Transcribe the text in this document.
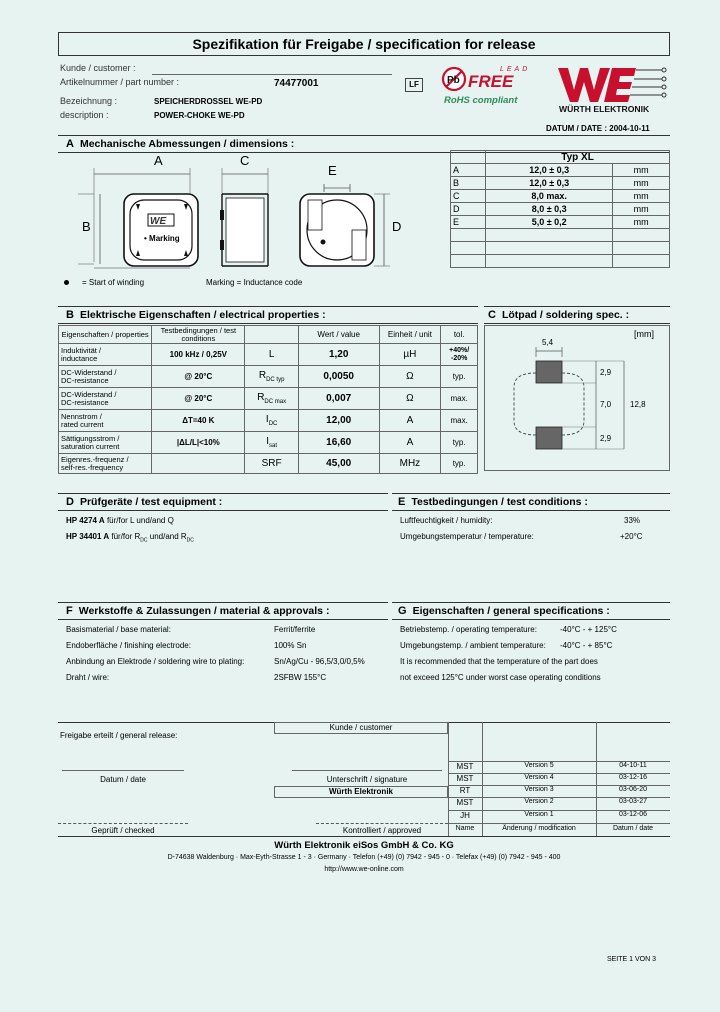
Spezifikation für Freigabe / specification for release
Kunde / customer :
Artikelnummer / part number :	74477001
Bezeichnung :	SPEICHERDROSSEL WE-PD
description :	POWER-CHOKE WE-PD
LF	Pb
LEAD
FREE
RoHS compliant
WÜRTH ELEKTRONIK
DATUM / DATE : 2004-10-11
A Mechanische Abmessungen / dimensions :
A
B	WE
• Marking
C
E
D
= Start of winding	Marking = Inductance code
	Typ XL	
A	12,0 ± 0,3	mm
B	12,0 ± 0,3	mm
C	8,0 max.	mm
D	8,0 ± 0,3	mm
E	5,0 ± 0,2	mm

B Elektrische Eigenschaften / electrical properties :
Eigenschaften / properties	Testbedingungen / test conditions		Wert / value	Einheit / unit	tol.

Induktivität /
inductance	100 kHz / 0,25V	L	1,20	µH	+40%/ -20%

DC-Widerstand /
DC-resistance	@ 20°C	$R_{DC typ}$	0,0050	Ω	typ.

DC-Widerstand /
DC-resistance	@ 20°C	$R_{DC max}$	0,007	Ω	max.

Nennstrom /
rated current	ΔT=40 K	$I_{DC}$	12,00	A	max.

Sättigungsstrom /
saturation current	|ΔL/L|<10%	$I_{sat}$	16,60	A	typ.

Eigenres.-frequenz /
self-res.-frequency		SRF	45,00	MHz	typ.
C Lötpad / soldering spec. :
[mm]
5,4
2,9
7,0 12,8
2,9
D Prüfgeräte / test equipment :
HP 4274 A für/for L und/and Q
HP 34401 A für/for $R_{DC}$ und/and $R_{DC}$
E Testbedingungen / test conditions :
Luftfeuchtigkeit / humidity:	33%
Umgebungstemperatur / temperature:	+20°C
F Werkstoffe & Zulassungen / material & approvals :
Basismaterial / base material:	Ferrit/ferrite
Endoberfläche / finishing electrode:	100% Sn
Anbindung an Elektrode / soldering wire to plating:	Sn/Ag/Cu - 96,5/3,0/0,5%
Draht / wire:	2SFBW 155°C
G Eigenschaften / general specifications :
Betriebstemp. / operating temperature:	-40°C - + 125°C
Umgebungstemp. / ambient temperature: -40°C - + 85°C
It is recommended that the temperature of the part does
not exceed 125°C under worst case operating conditions
Freigabe erteilt / general release:
Kunde / customer
MST	Version 5	04-10-11
MST	Version 4	03-12-16
RT	Version 3	03-06-20
MST	Version 2	03-03-27
JH	Version 1	03-12-06
Name	Änderung / modification	Datum / date
Datum / date	Unterschrift / signature
Würth Elektronik
Geprüft / checked	Kontrolliert / approved
Würth Elektronik eiSos GmbH & Co. KG
D-74638 Waldenburg · Max-Eyth-Strasse 1 - 3 · Germany · Telefon (+49) (0) 7942 - 945 - 0 · Telefax (+49) (0) 7942 - 945 - 400
http://www.we-online.com
SEITE 1 VON 3
